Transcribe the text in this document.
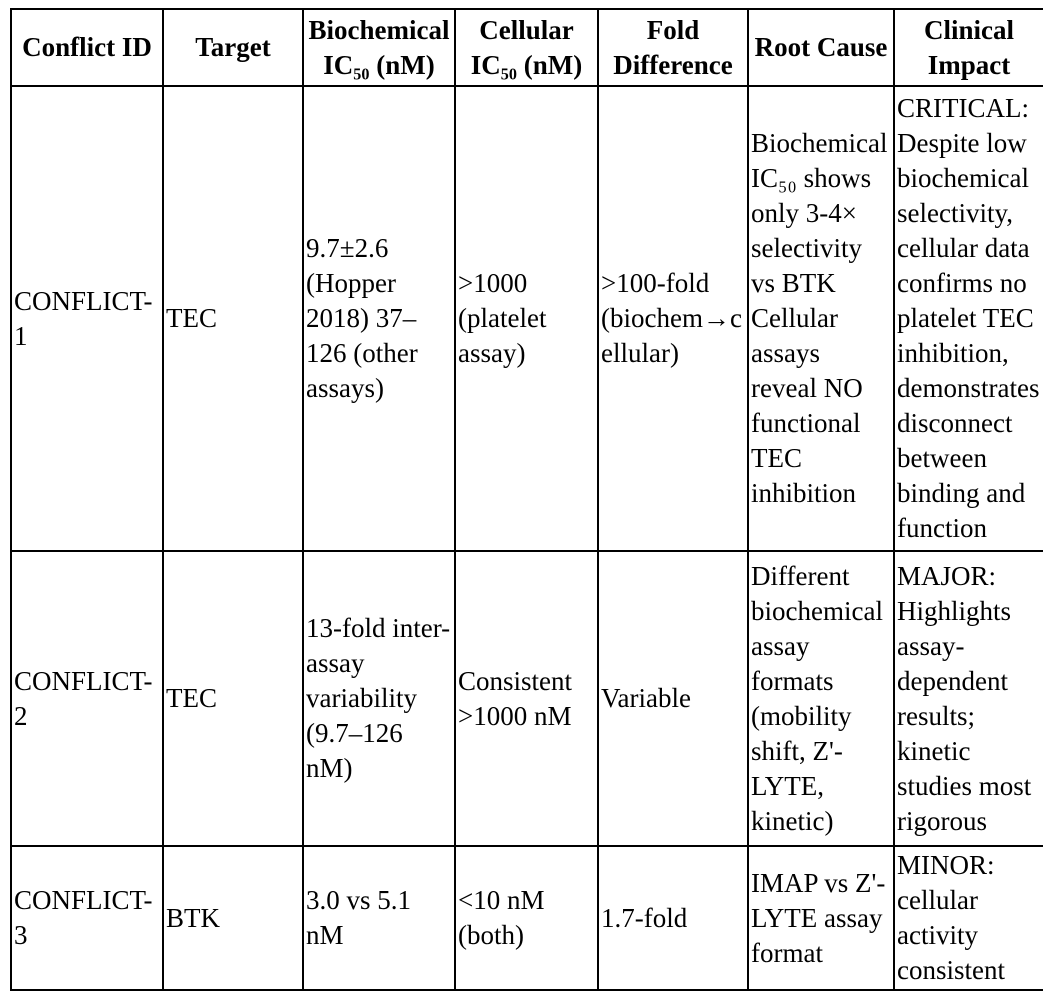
Conflict ID	Target	Biochemical IC₅₀ (nM)	Cellular IC₅₀ (nM)	Fold Difference	Root Cause	Clinical Impact
CONFLICT-1	TEC	9.7±2.6 (Hopper 2018) 37–126 (other assays)	>1000 (platelet assay)	>100-fold (biochem→cellular)	Biochemical IC₅₀ shows only 3-4× selectivity vs BTK Cellular assays reveal NO functional TEC inhibition	CRITICAL: Despite low biochemical selectivity, cellular data confirms no platelet TEC inhibition, demonstrates disconnect between binding and function
CONFLICT-2	TEC	13-fold inter-assay variability (9.7–126 nM)	Consistent >1000 nM	Variable	Different biochemical assay formats (mobility shift, Z'-LYTE, kinetic)	MAJOR: Highlights assay-dependent results; kinetic studies most rigorous
CONFLICT-3	BTK	3.0 vs 5.1 nM	<10 nM (both)	1.7-fold	IMAP vs Z'-LYTE assay format	MINOR: cellular activity consistent
